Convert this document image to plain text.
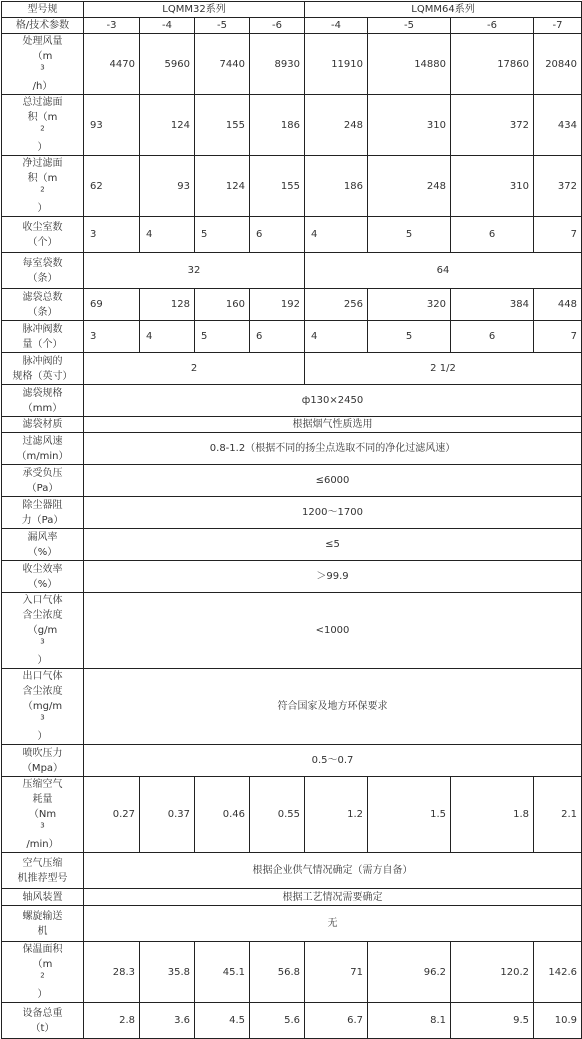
型号规	LQMM32系列				LQMM64系列			
格/技术参数	-3	-4	-5	-6	-4	-5	-6	-7

处理风量
（m
$^3$
/h）	4470	5960	7440	8930	11910	14880	17860	20840

总过滤面
积（m
$^2$
）	93	124	155	186	248	310	372	434

净过滤面
积（m
$^2$
）	62	93	124	155	186	248	310	372

收尘室数
（个）	3	4	5	6	4	5	6	7

每室袋数
（条）	32				64			

滤袋总数
（条）	69	128	160	192	256	320	384	448

脉冲阀数
量（个）	3	4	5	6	4	5	6	7

脉冲阀的
规格（英寸）	2				2 1/2			

滤袋规格
（mm）	ф130×2450							
滤袋材质	根据烟气性质选用							

过滤风速
（m/min）	0.8-1.2（根据不同的扬尘点选取不同的净化过滤风速）							

承受负压
（Pa）	≤6000							

除尘器阻
力（Pa）	1200～1700							

漏风率
（%）	≤5							

收尘效率
（%）	＞99.9							

入口气体
含尘浓度
（g/m
$^3$
）	<1000							

出口气体
含尘浓度
（mg/m
$^3$
）	符合国家及地方环保要求							

喷吹压力
（Mpa）	0.5～0.7							

压缩空气
耗量
（Nm
$^3$
/min）	0.27	0.37	0.46	0.55	1.2	1.5	1.8	2.1

空气压缩
机推荐型号	根据企业供气情况确定（需方自备）							
轴风装置	根据工艺情况需要确定							

螺旋输送
机	无							

保温面积
（m
$^2$
）	28.3	35.8	45.1	56.8	71	96.2	120.2	142.6

设备总重
（t）	2.8	3.6	4.5	5.6	6.7	8.1	9.5	10.9
